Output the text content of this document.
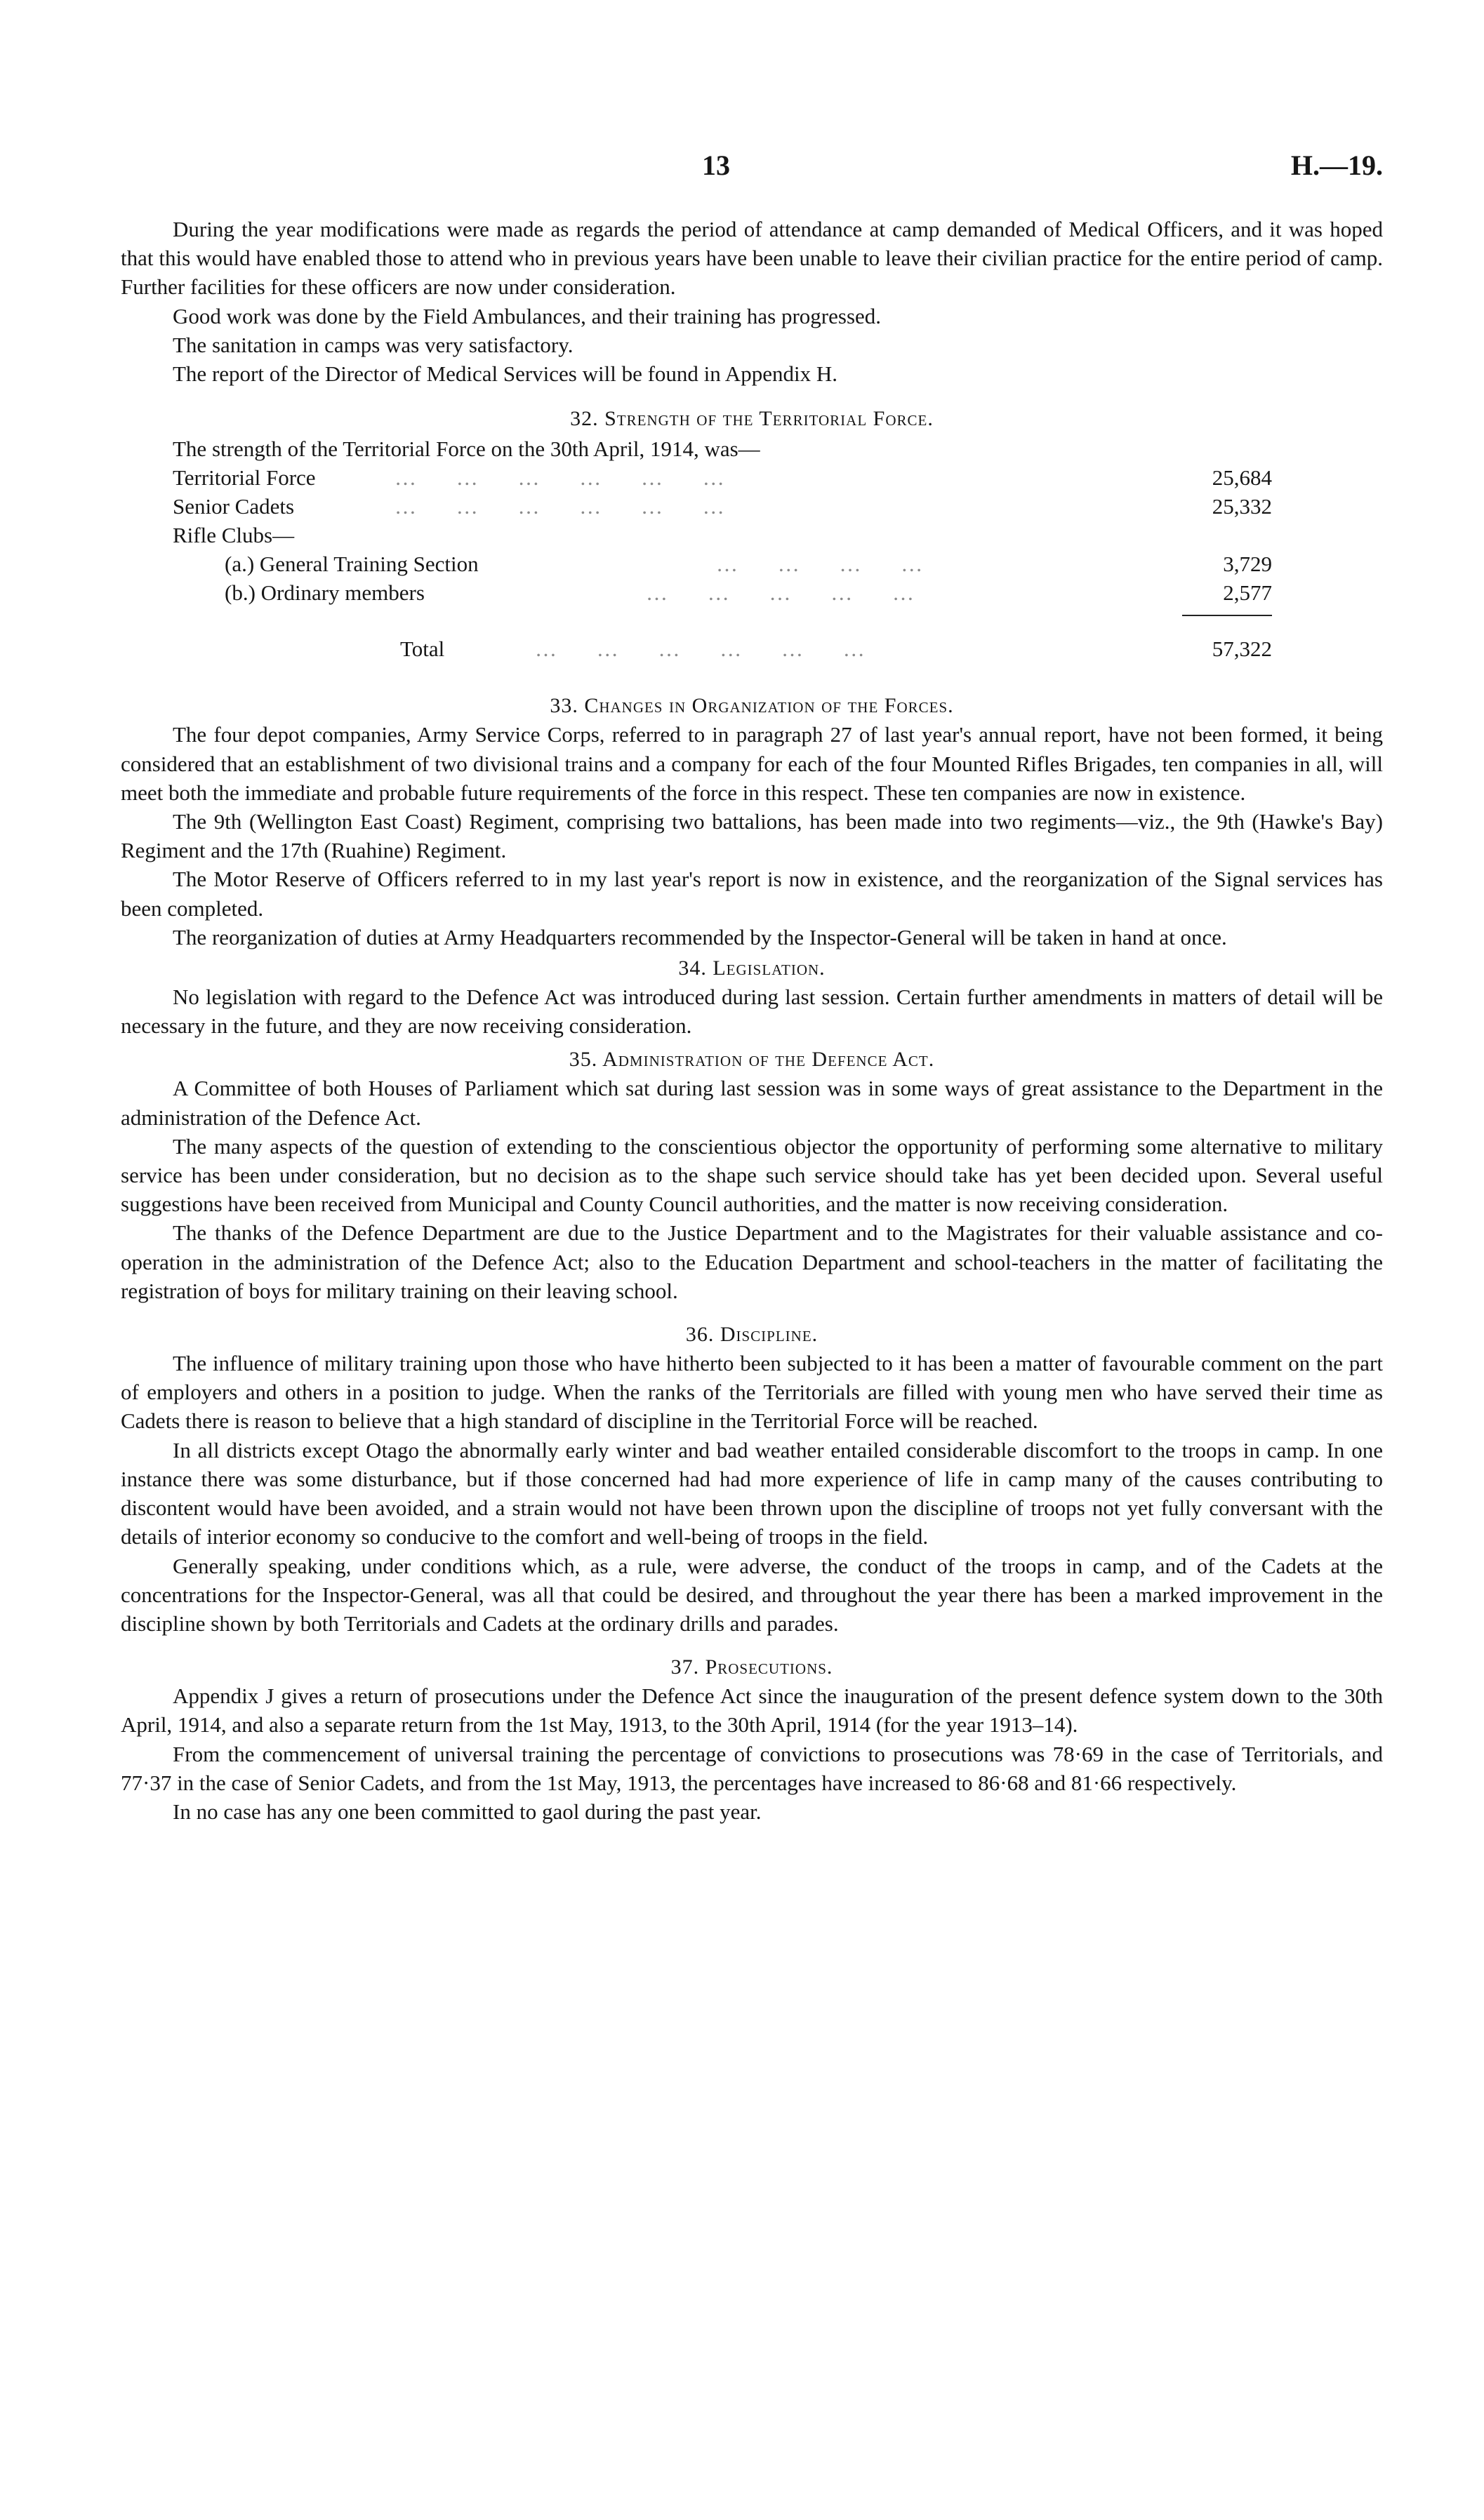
13	H.—19.

During the year modifications were made as regards the period of attendance at camp demanded of Medical Officers, and it was hoped that this would have enabled those to attend who in previous years have been unable to leave their civilian practice for the entire period of camp. Further facilities for these officers are now under consideration.

Good work was done by the Field Ambulances, and their training has progressed.

The sanitation in camps was very satisfactory.

The report of the Director of Medical Services will be found in Appendix H.

32. Strength of the Territorial Force.

The strength of the Territorial Force on the 30th April, 1914, was—

Territorial Force	…     …     …     …     …     …	25,684
Senior Cadets	…     …     …     …     …     …	25,332
Rifle Clubs—
(a.) General Training Section	…     …     …     …	3,729
(b.) Ordinary members	…     …     …     …     …	2,577
Total	…     …     …     …     …     …	57,322
33. Changes in Organization of the Forces.

The four depot companies, Army Service Corps, referred to in paragraph 27 of last year's annual report, have not been formed, it being considered that an establishment of two divisional trains and a company for each of the four Mounted Rifles Brigades, ten companies in all, will meet both the immediate and probable future requirements of the force in this respect. These ten companies are now in existence.

The 9th (Wellington East Coast) Regiment, comprising two battalions, has been made into two regiments—viz., the 9th (Hawke's Bay) Regiment and the 17th (Ruahine) Regiment.

The Motor Reserve of Officers referred to in my last year's report is now in existence, and the reorganization of the Signal services has been completed.

The reorganization of duties at Army Headquarters recommended by the Inspector-General will be taken in hand at once.

34. Legislation.

No legislation with regard to the Defence Act was introduced during last session. Certain further amendments in matters of detail will be necessary in the future, and they are now receiving consideration.

35. Administration of the Defence Act.

A Committee of both Houses of Parliament which sat during last session was in some ways of great assistance to the Department in the administration of the Defence Act.

The many aspects of the question of extending to the conscientious objector the opportunity of performing some alternative to military service has been under consideration, but no decision as to the shape such service should take has yet been decided upon. Several useful suggestions have been received from Municipal and County Council authorities, and the matter is now receiving consideration.

The thanks of the Defence Department are due to the Justice Department and to the Magistrates for their valuable assistance and co-operation in the administration of the Defence Act; also to the Education Department and school-teachers in the matter of facilitating the registration of boys for military training on their leaving school.

36. Discipline.

The influence of military training upon those who have hitherto been subjected to it has been a matter of favourable comment on the part of employers and others in a position to judge. When the ranks of the Territorials are filled with young men who have served their time as Cadets there is reason to believe that a high standard of discipline in the Territorial Force will be reached.

In all districts except Otago the abnormally early winter and bad weather entailed considerable discomfort to the troops in camp. In one instance there was some disturbance, but if those concerned had had more experience of life in camp many of the causes contributing to discontent would have been avoided, and a strain would not have been thrown upon the discipline of troops not yet fully conversant with the details of interior economy so conducive to the comfort and well-being of troops in the field.

Generally speaking, under conditions which, as a rule, were adverse, the conduct of the troops in camp, and of the Cadets at the concentrations for the Inspector-General, was all that could be desired, and throughout the year there has been a marked improvement in the discipline shown by both Territorials and Cadets at the ordinary drills and parades.

37. Prosecutions.

Appendix J gives a return of prosecutions under the Defence Act since the inauguration of the present defence system down to the 30th April, 1914, and also a separate return from the 1st May, 1913, to the 30th April, 1914 (for the year 1913–14).

From the commencement of universal training the percentage of convictions to prosecutions was 78·69 in the case of Territorials, and 77·37 in the case of Senior Cadets, and from the 1st May, 1913, the percentages have increased to 86·68 and 81·66 respectively.

In no case has any one been committed to gaol during the past year.
